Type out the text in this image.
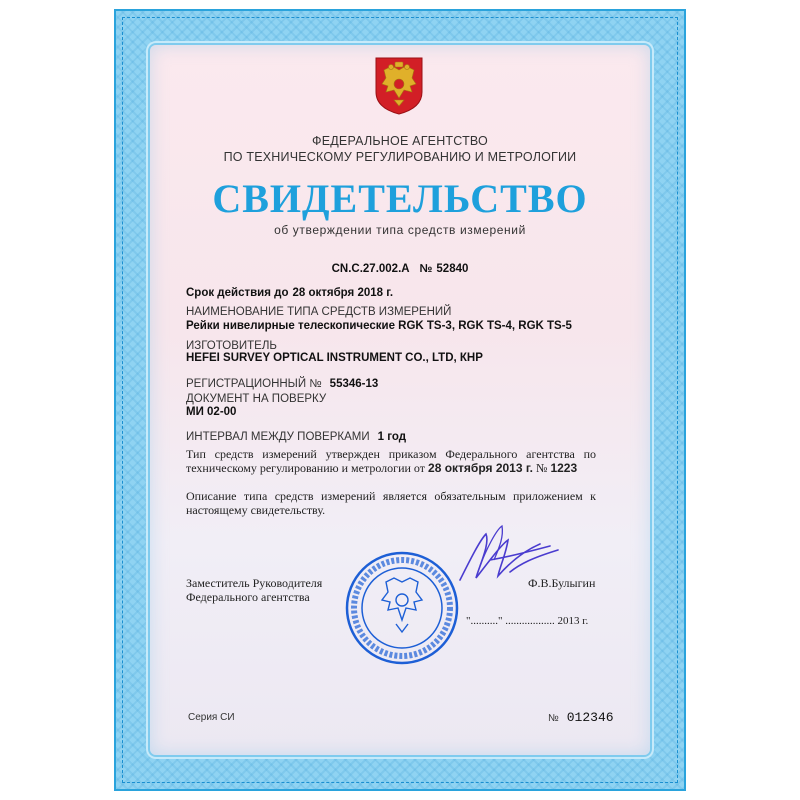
ФЕДЕРАЛЬНОЕ АГЕНТСТВО
ПО ТЕХНИЧЕСКОМУ РЕГУЛИРОВАНИЮ И МЕТРОЛОГИИ
СВИДЕТЕЛЬСТВО
об утверждении типа средств измерений
CN.C.27.002.A № 52840
Срок действия до 28 октября 2018 г.
НАИМЕНОВАНИЕ ТИПА СРЕДСТВ ИЗМЕРЕНИЙ
Рейки нивелирные телескопические RGK TS-3, RGK TS-4, RGK TS-5
ИЗГОТОВИТЕЛЬ
HEFEI SURVEY OPTICAL INSTRUMENT CO., LTD, КНР
РЕГИСТРАЦИОННЫЙ № 55346-13
ДОКУМЕНТ НА ПОВЕРКУ
МИ 02-00
ИНТЕРВАЛ МЕЖДУ ПОВЕРКАМИ 1 год
Тип средств измерений утвержден приказом Федерального агентства по техническому регулированию и метрологии от 28 октября 2013 г. № 1223
Описание типа средств измерений является обязательным приложением к настоящему свидетельству.
Заместитель Руководителя
Федерального агентства
Ф.В.Булыгин
".........." .................. 2013 г.
Серия СИ	№ 012346
